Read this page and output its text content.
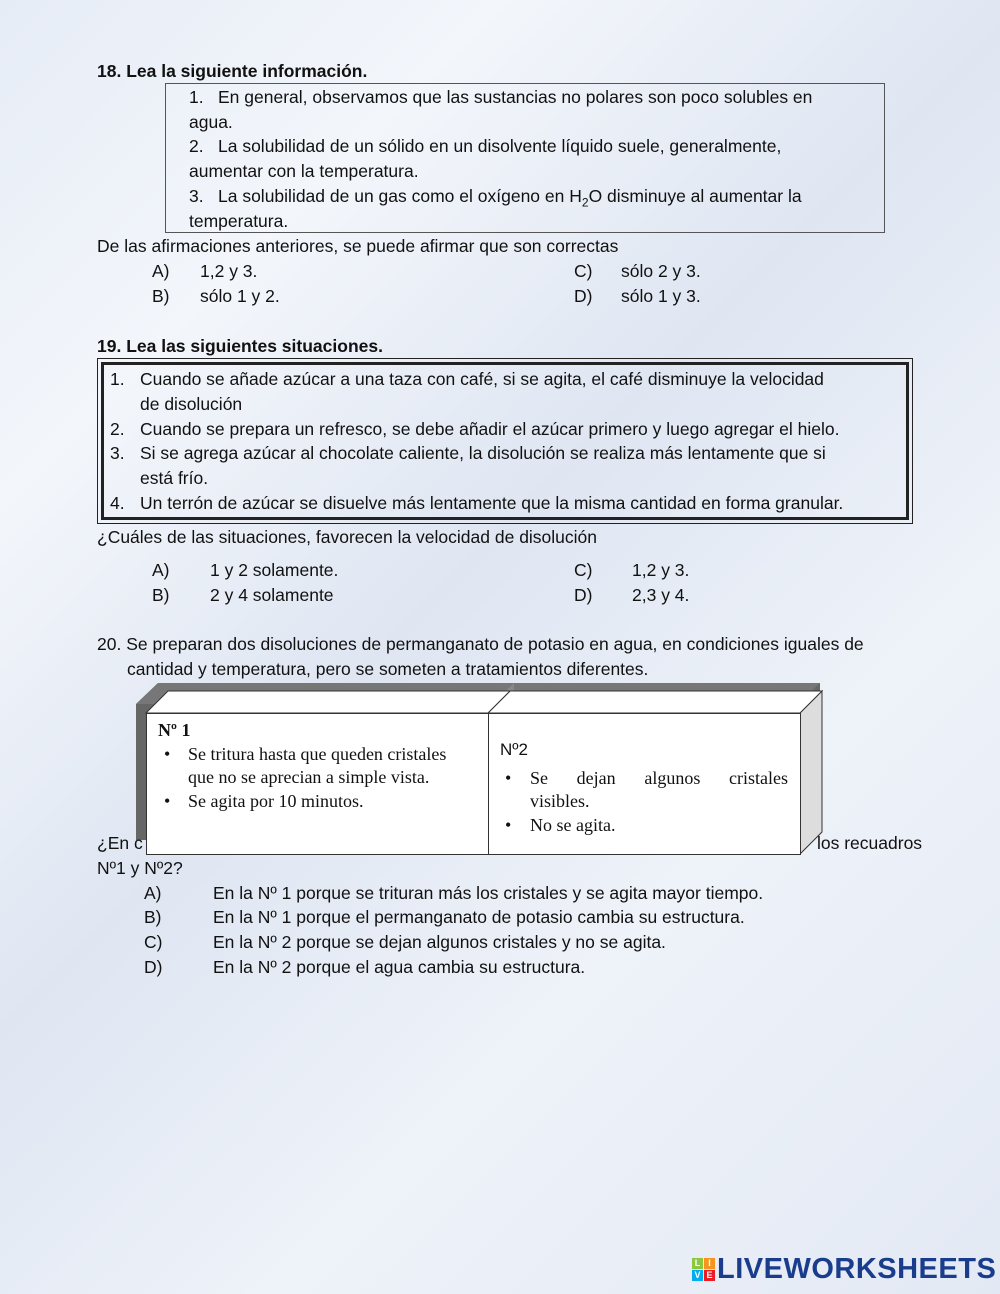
18. Lea la siguiente información.
1. En general, observamos que las sustancias no polares son poco solubles en
agua.
2. La solubilidad de un sólido en un disolvente líquido suele, generalmente,
aumentar con la temperatura.
3. La solubilidad de un gas como el oxígeno en $H_2O$ disminuye al aumentar la
temperatura.
De las afirmaciones anteriores, se puede afirmar que son correctas
A) 1,2 y 3.
B) sólo 1 y 2.
C) sólo 2 y 3.
D) sólo 1 y 3.
19. Lea las siguientes situaciones.
1. Cuando se añade azúcar a una taza con café, si se agita, el café disminuye la velocidad
de disolución
2. Cuando se prepara un refresco, se debe añadir el azúcar primero y luego agregar el hielo.
3. Si se agrega azúcar al chocolate caliente, la disolución se realiza más lentamente que si
está frío.
4. Un terrón de azúcar se disuelve más lentamente que la misma cantidad en forma granular.
¿Cuáles de las situaciones, favorecen la velocidad de disolución
A) 1 y 2 solamente.
B) 2 y 4 solamente
C) 1,2 y 3.
D) 2,3 y 4.
20. Se preparan dos disoluciones de permanganato de potasio en agua, en condiciones iguales de
cantidad y temperatura, pero se someten a tratamientos diferentes.
Nº 1
• Se tritura hasta que queden cristales
que no se aprecian a simple vista.
• Se agita por 10 minutos.
Nº2
• Se dejan algunos cristales
visibles.
• No se agita.
¿En c	los recuadros
Nº1 y Nº2?
A)	En la Nº 1 porque se trituran más los cristales y se agita mayor tiempo.
B)	En la Nº 1 porque el permanganato de potasio cambia su estructura.
C)	En la Nº 2 porque se dejan algunos cristales y no se agita.
D)	En la Nº 2 porque el agua cambia su estructura.
L I
V E LIVEWORKSHEETS
